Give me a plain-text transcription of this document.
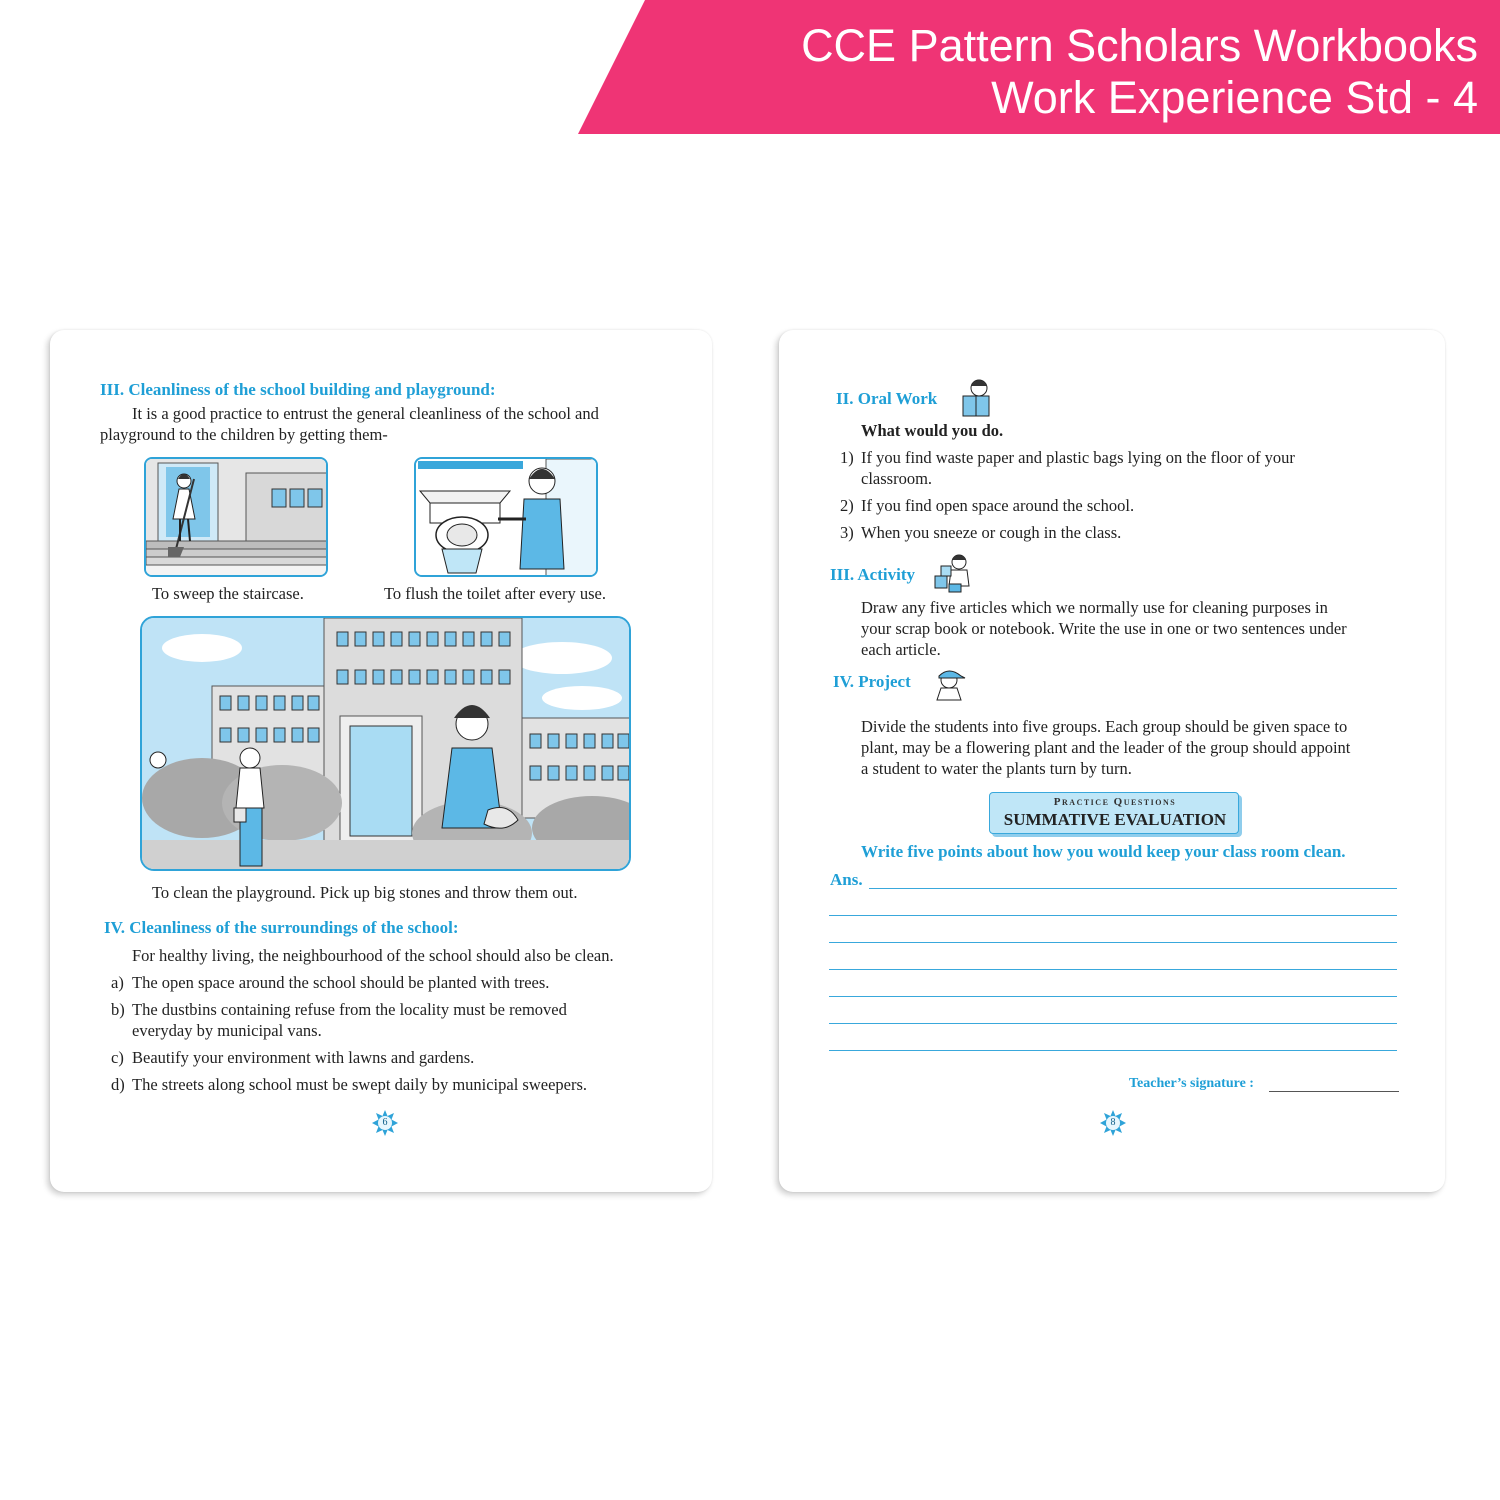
CCE Pattern Scholars Workbooks
Work Experience Std - 4
III. Cleanliness of the school building and playground:
It is a good practice to entrust the general cleanliness of the school and
playground to the children by getting them-
To sweep the staircase.	To flush the toilet after every use.
To clean the playground. Pick up big stones and throw them out.
IV. Cleanliness of the surroundings of the school:
For healthy living, the neighbourhood of the school should also be clean.
a) The open space around the school should be planted with trees.
b) The dustbins containing refuse from the locality must be removed
everyday by municipal vans.
c) Beautify your environment with lawns and gardens.
d) The streets along school must be swept daily by municipal sweepers.
6
II. Oral Work
What would you do.
1) If you find waste paper and plastic bags lying on the floor of your
classroom.
2) If you find open space around the school.
3) When you sneeze or cough in the class.
III. Activity
Draw any five articles which we normally use for cleaning purposes in
your scrap book or notebook. Write the use in one or two sentences under
each article.
IV. Project
Divide the students into five groups. Each group should be given space to
plant, may be a flowering plant and the leader of the group should appoint
a student to water the plants turn by turn.
Practice Questions
SUMMATIVE EVALUATION
Write five points about how you would keep your class room clean.
Ans.
Teacher’s signature :
8
